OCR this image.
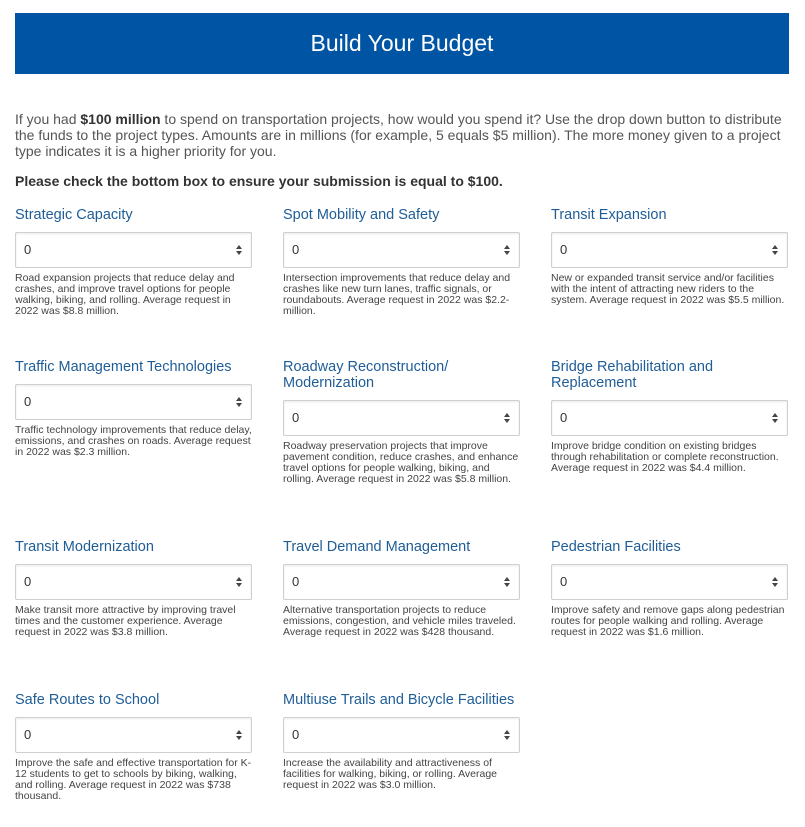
Build Your Budget

If you had $100 million to spend on transportation projects, how would you spend it? Use the drop down button to distribute the funds to the project types. Amounts are in millions (for example, 5 equals $5 million). The more money given to a project type indicates it is a higher priority for you.

Please check the bottom box to ensure your submission is equal to $100.
Strategic Capacity
0
Road expansion projects that reduce delay and crashes, and improve travel options for people walking, biking, and rolling. Average request in 2022 was $8.8 million.
Spot Mobility and Safety
0
Intersection improvements that reduce delay and crashes like new turn lanes, traffic signals, or roundabouts. Average request in 2022 was $2.2-million.
Transit Expansion
0
New or expanded transit service and/or facilities with the intent of attracting new riders to the system. Average request in 2022 was $5.5 million.
Traffic Management Technologies
0
Traffic technology improvements that reduce delay, emissions, and crashes on roads. Average request in 2022 was $2.3 million.
Roadway Reconstruction/ Modernization
0
Roadway preservation projects that improve pavement condition, reduce crashes, and enhance travel options for people walking, biking, and rolling. Average request in 2022 was $5.8 million.
Bridge Rehabilitation and Replacement
0
Improve bridge condition on existing bridges through rehabilitation or complete reconstruction. Average request in 2022 was $4.4 million.
Transit Modernization
0
Make transit more attractive by improving travel times and the customer experience. Average request in 2022 was $3.8 million.
Travel Demand Management
0
Alternative transportation projects to reduce emissions, congestion, and vehicle miles traveled. Average request in 2022 was $428 thousand.
Pedestrian Facilities
0
Improve safety and remove gaps along pedestrian routes for people walking and rolling. Average request in 2022 was $1.6 million.
Safe Routes to School
0
Improve the safe and effective transportation for K-12 students to get to schools by biking, walking, and rolling. Average request in 2022 was $738 thousand.
Multiuse Trails and Bicycle Facilities
0
Increase the availability and attractiveness of facilities for walking, biking, or rolling. Average request in 2022 was $3.0 million.
